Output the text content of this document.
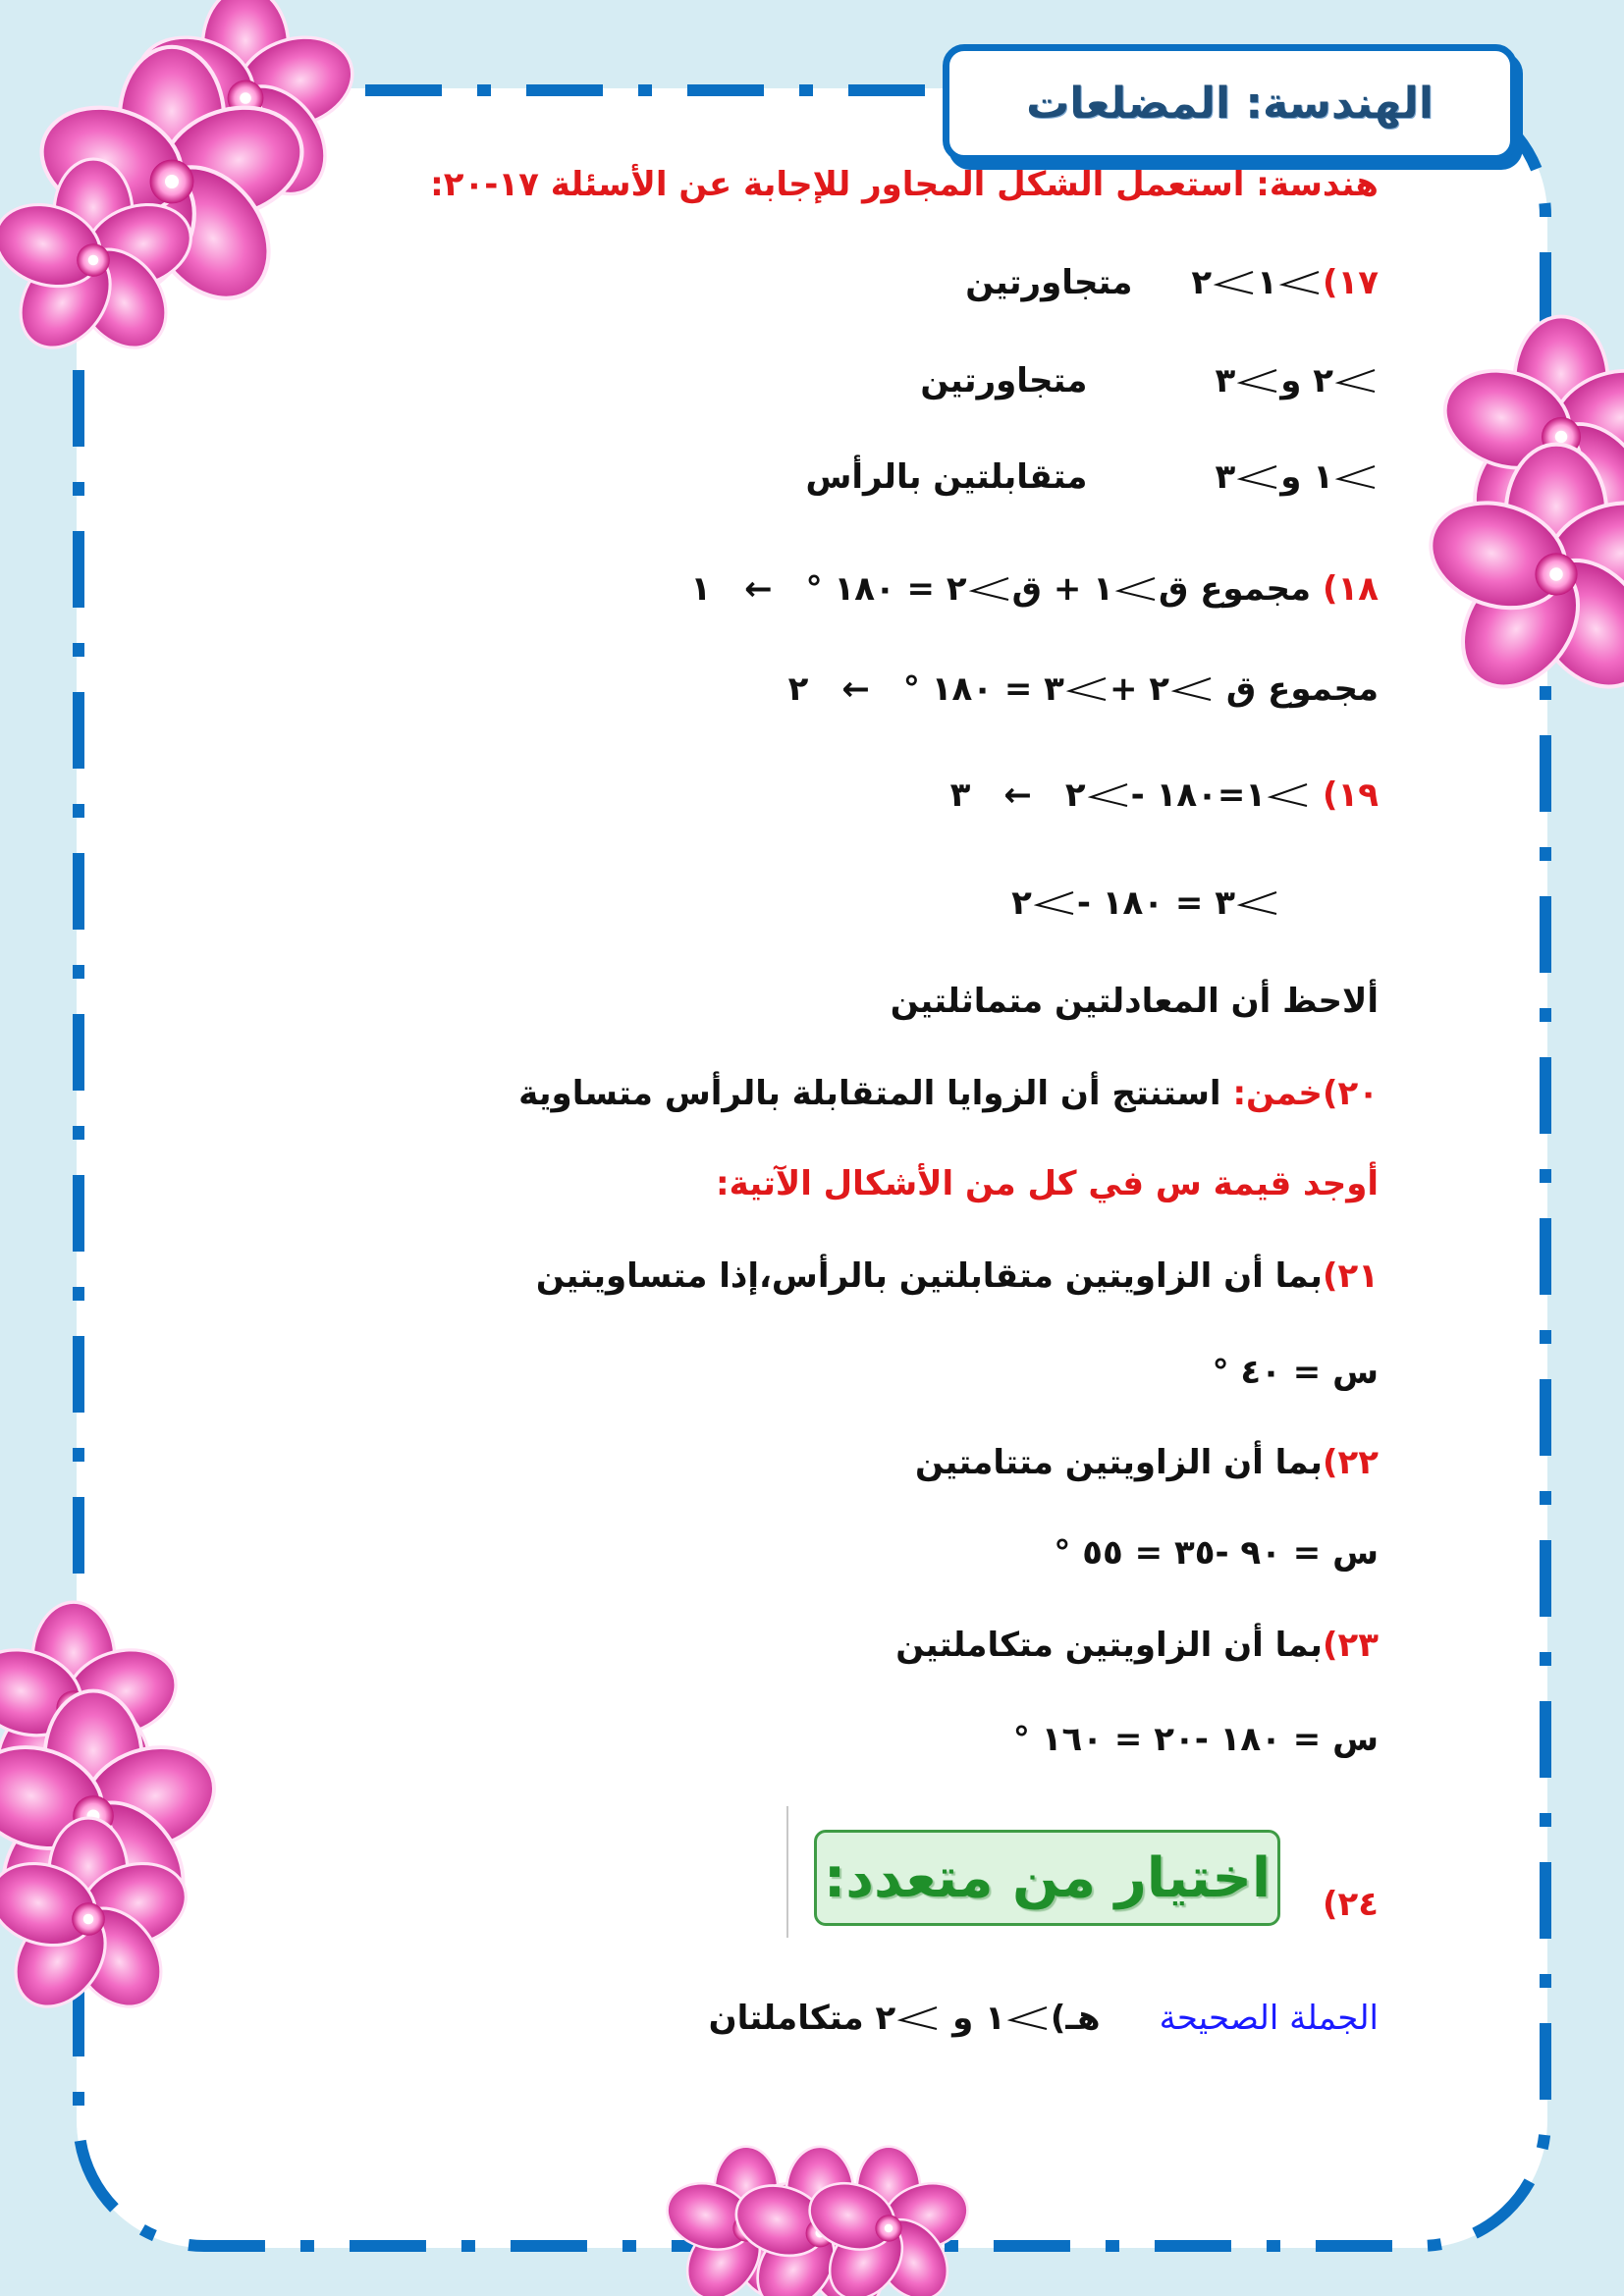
الهندسة: المضلعات
هندسة: استعمل الشكل المجاور للإجابة عن الأسئلة ١٧-٢٠:
١٧)١٢متجاورتين
٢ و٣متجاورتين
١ و٣متقابلتين بالرأس
١٨) مجموع ق١ + ق٢ = ١٨٠ °←١
مجموع ق ٢ +٣ = ١٨٠ °←٢
١٩) ١=١٨٠ -٢←٣
٣ = ١٨٠ -٢
ألاحظ أن المعادلتين متماثلتين
٢٠)خمن: استنتج أن الزوايا المتقابلة بالرأس متساوية
أوجد قيمة س في كل من الأشكال الآتية:
٢١)بما أن الزاويتين متقابلتين بالرأس،إذا متساويتين
س = ٤٠ °
٢٢)بما أن الزاويتين متتامتين
س = ٩٠ -٣٥ = ٥٥ °
٢٣)بما أن الزاويتين متكاملتين
س = ١٨٠ -٢٠ = ١٦٠ °
٢٤)
اختيار من متعدد:
الجملة الصحيحةهـ)١ و ٢ متكاملتان
